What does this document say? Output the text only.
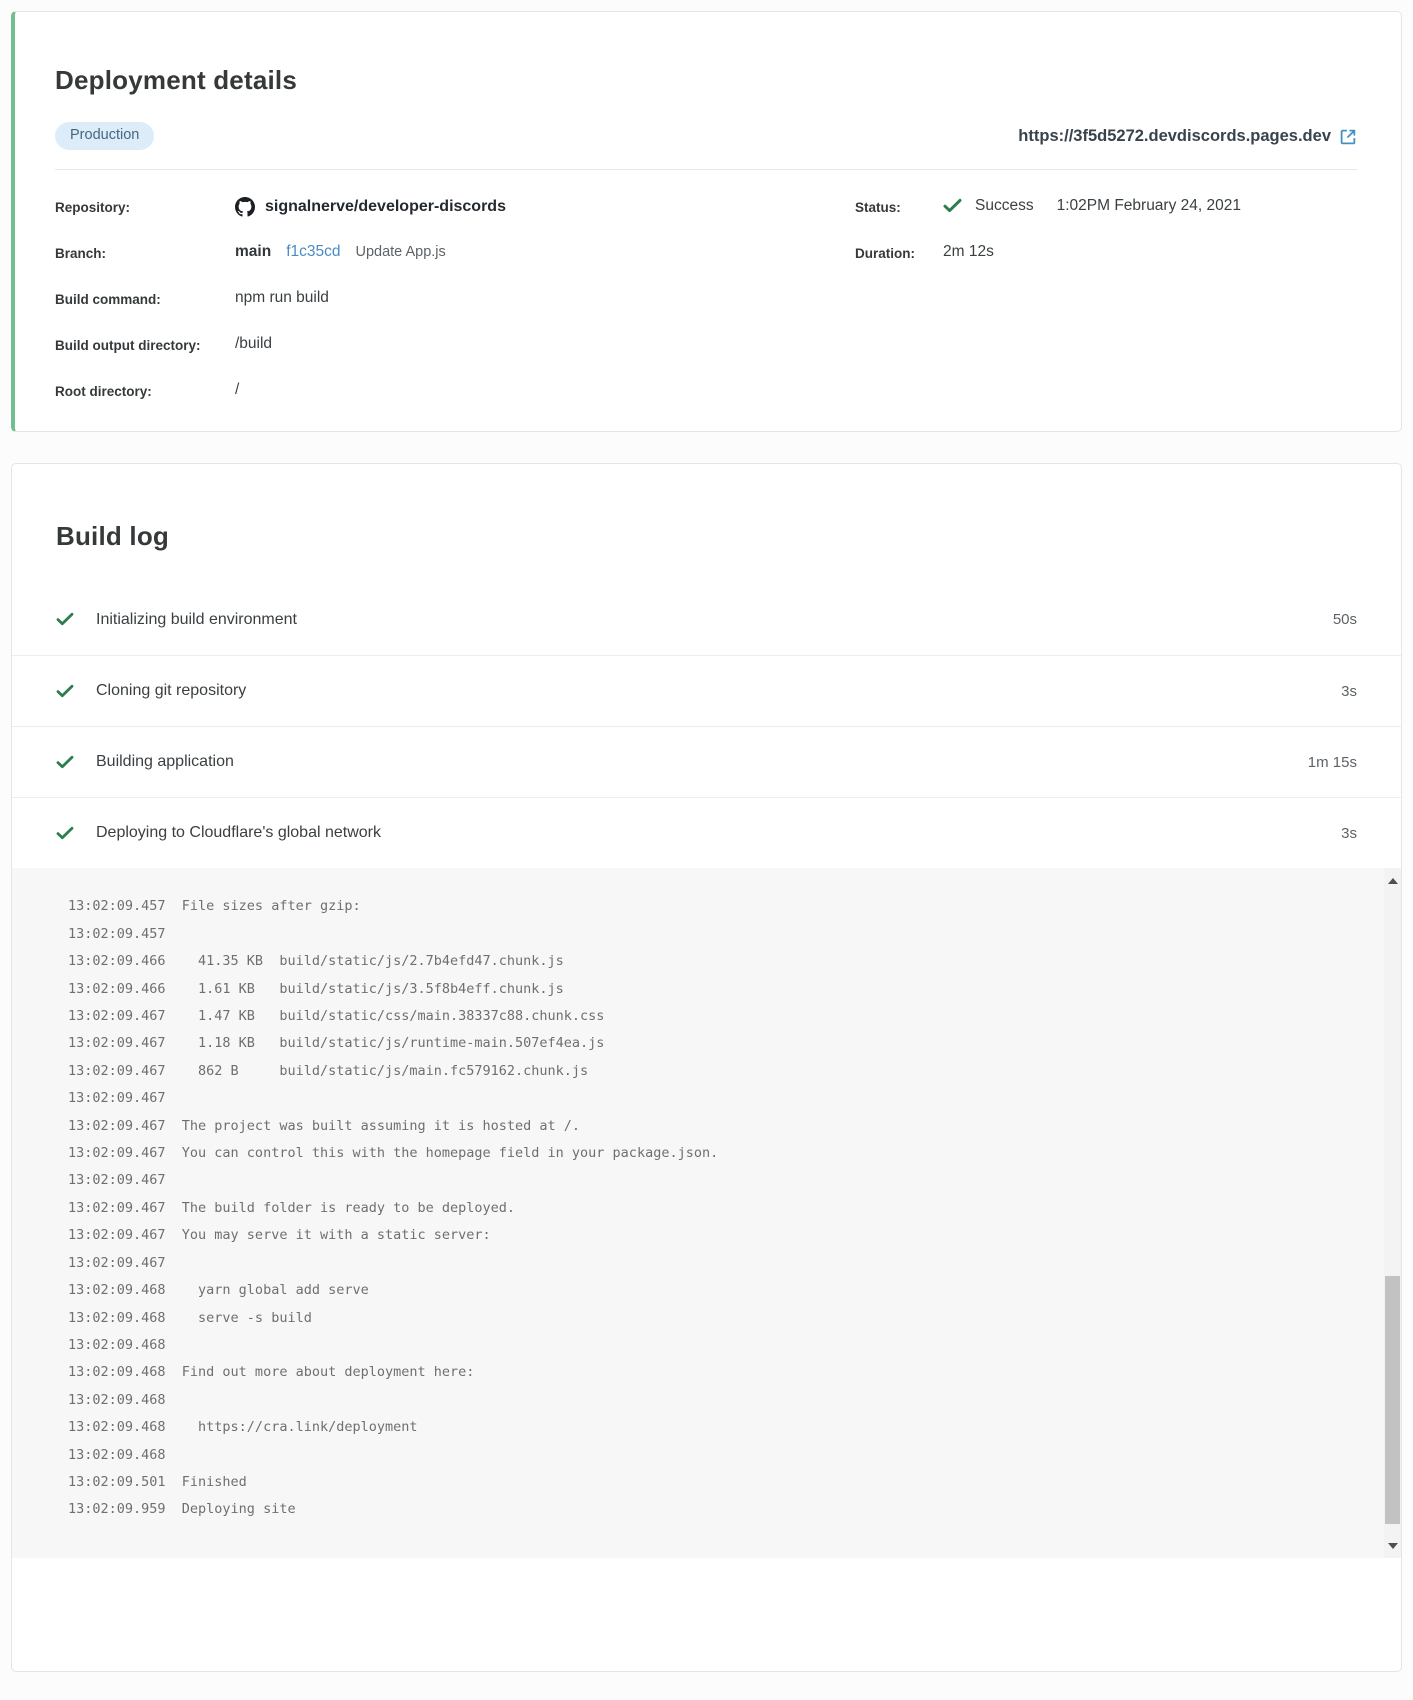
Deployment details
Production	https://3f5d5272.devdiscords.pages.dev
Repository:	signalnerve/developer-discords
Branch:	main f1c35cd Update App.js
Build command:	npm run build
Build output directory:	/build
Root directory:	/
Status:	Success 1:02PM February 24, 2021
Duration:	2m 12s
Build log
Initializing build environment	50s
Cloning git repository	3s
Building application	1m 15s
Deploying to Cloudflare's global network	3s
13:02:09.457  File sizes after gzip:
13:02:09.457
13:02:09.466    41.35 KB  build/static/js/2.7b4efd47.chunk.js
13:02:09.466    1.61 KB   build/static/js/3.5f8b4eff.chunk.js
13:02:09.467    1.47 KB   build/static/css/main.38337c88.chunk.css
13:02:09.467    1.18 KB   build/static/js/runtime-main.507ef4ea.js
13:02:09.467    862 B     build/static/js/main.fc579162.chunk.js
13:02:09.467
13:02:09.467  The project was built assuming it is hosted at /.
13:02:09.467  You can control this with the homepage field in your package.json.
13:02:09.467
13:02:09.467  The build folder is ready to be deployed.
13:02:09.467  You may serve it with a static server:
13:02:09.467
13:02:09.468    yarn global add serve
13:02:09.468    serve -s build
13:02:09.468
13:02:09.468  Find out more about deployment here:
13:02:09.468
13:02:09.468    https://cra.link/deployment
13:02:09.468
13:02:09.501  Finished
13:02:09.959  Deploying site
